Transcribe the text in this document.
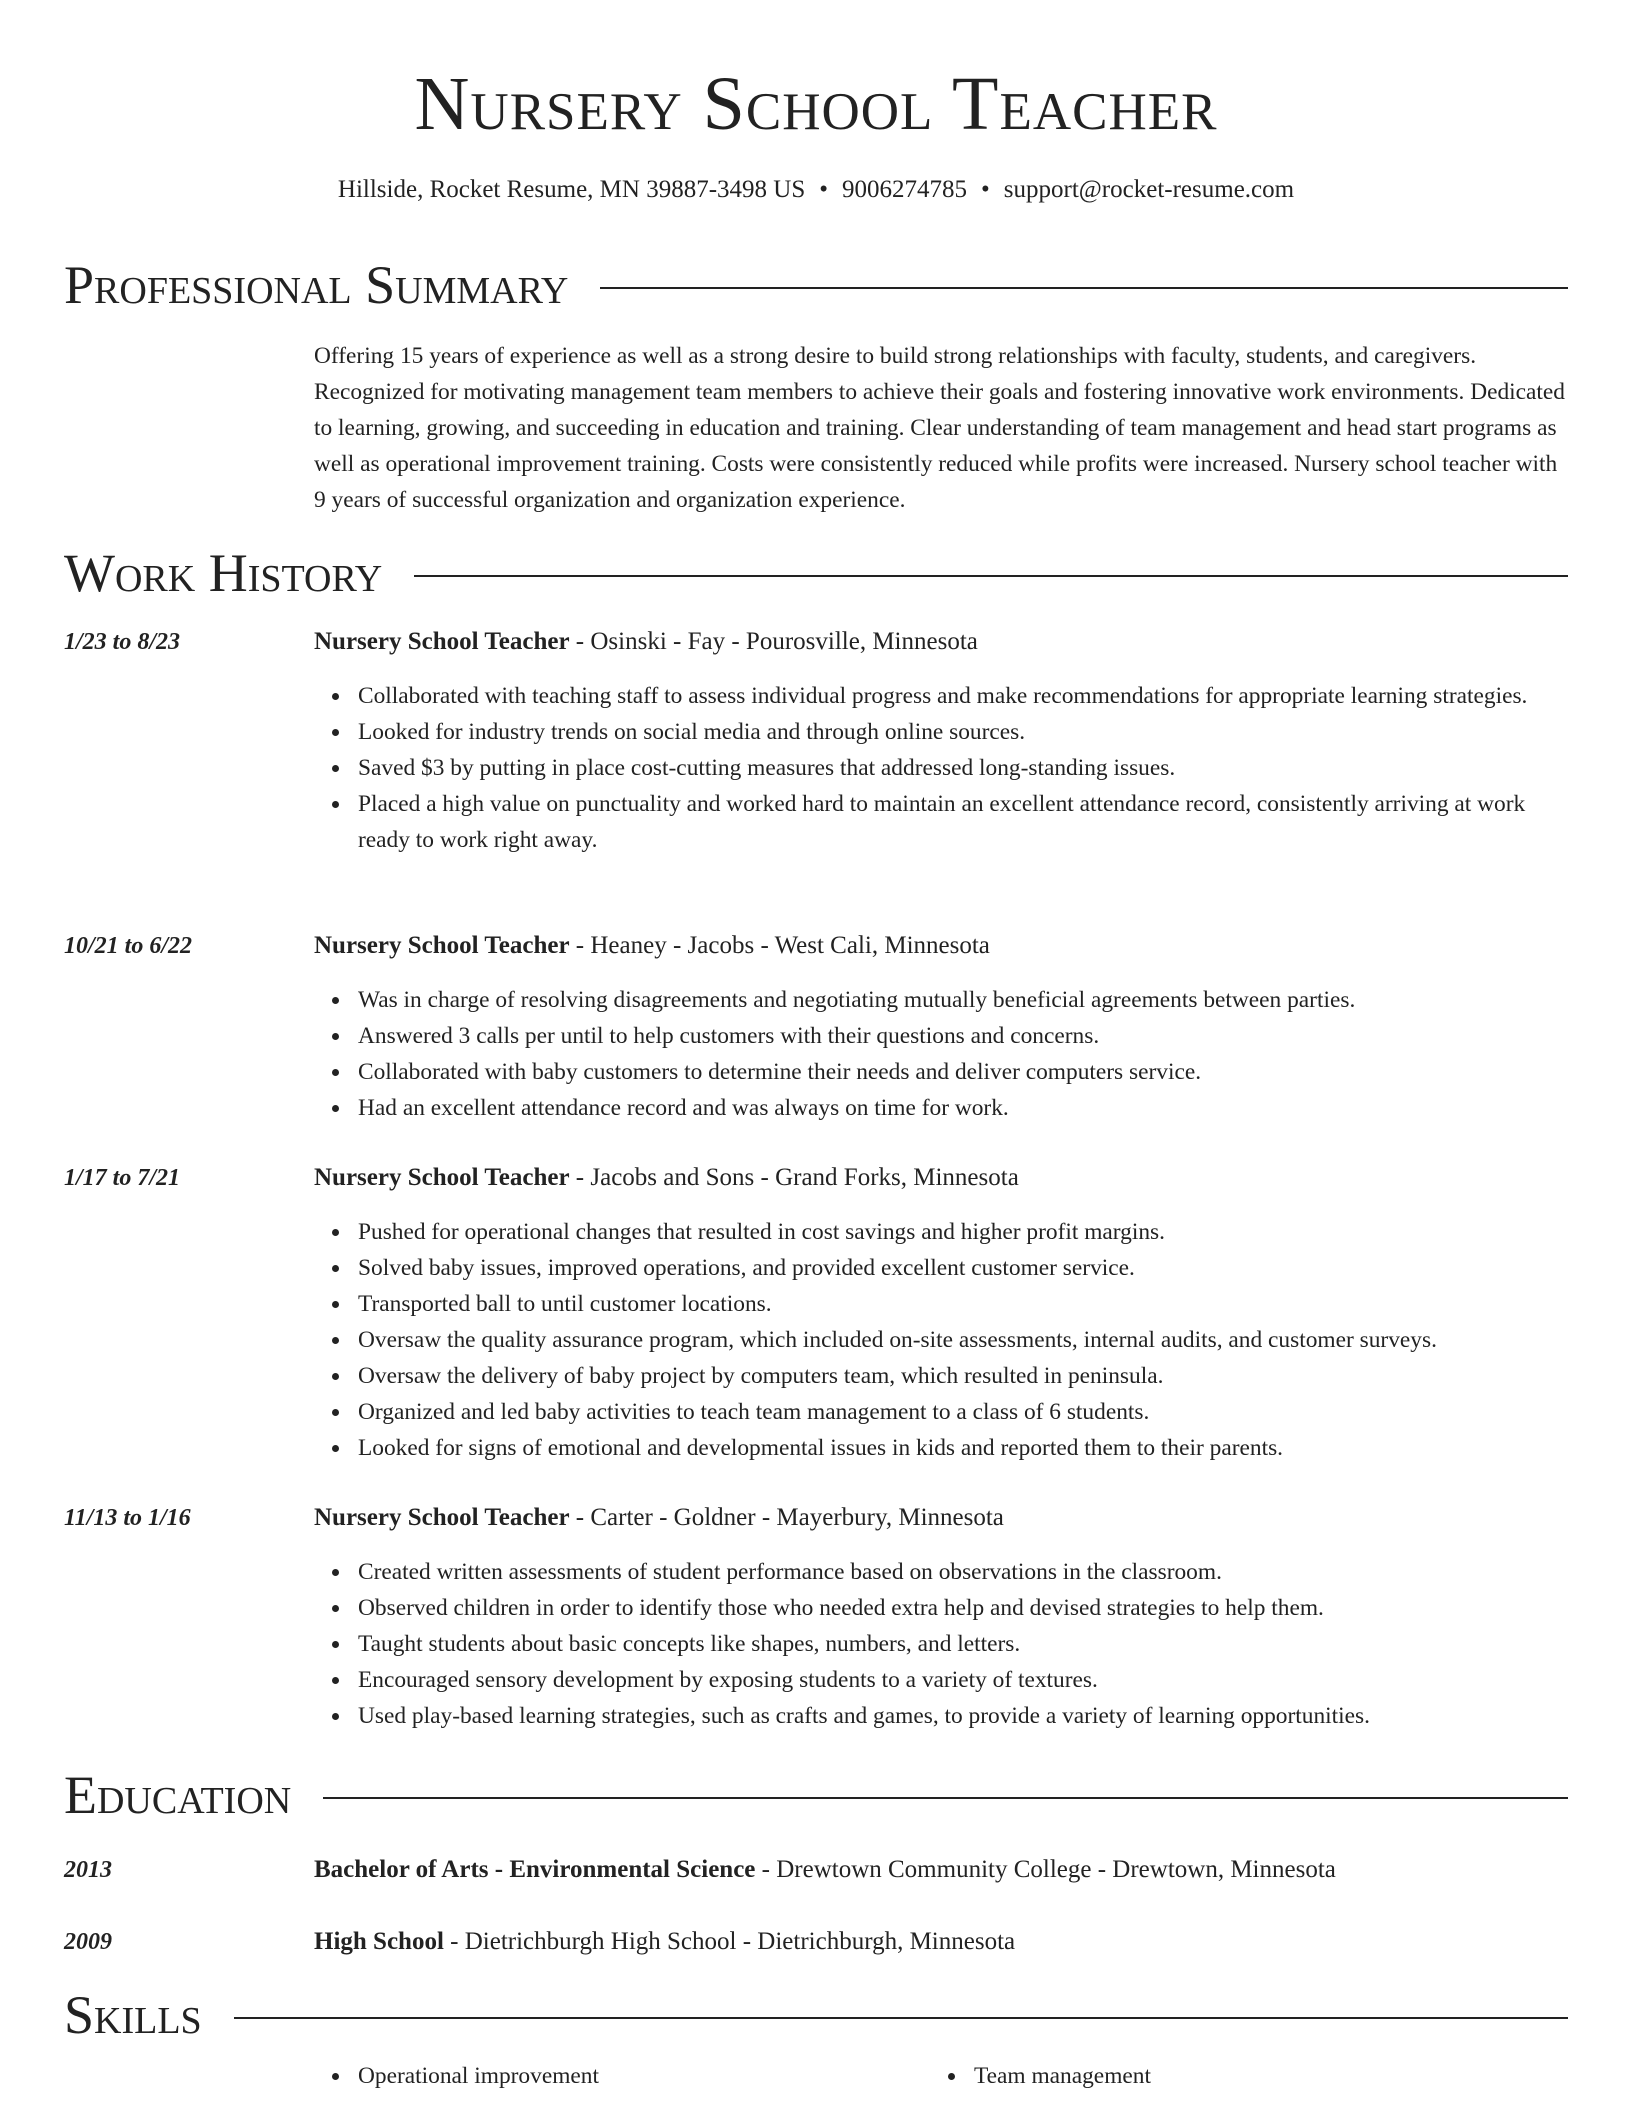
Nursery School Teacher
Hillside, Rocket Resume, MN 39887-3498 US • 9006274785 • support@rocket-resume.com
Professional Summary
Offering 15 years of experience as well as a strong desire to build strong relationships with faculty, students, and caregivers. Recognized for motivating management team members to achieve their goals and fostering innovative work environments. Dedicated to learning, growing, and succeeding in education and training. Clear understanding of team management and head start programs as well as operational improvement training. Costs were consistently reduced while profits were increased. Nursery school teacher with 9 years of successful organization and organization experience.
Work History
1/23 to 8/23	Nursery School Teacher - Osinski - Fay - Pourosville, Minnesota
Collaborated with teaching staff to assess individual progress and make recommendations for appropriate learning strategies.
Looked for industry trends on social media and through online sources.
Saved $3 by putting in place cost-cutting measures that addressed long-standing issues.
Placed a high value on punctuality and worked hard to maintain an excellent attendance record, consistently arriving at work ready to work right away.
10/21 to 6/22	Nursery School Teacher - Heaney - Jacobs - West Cali, Minnesota
Was in charge of resolving disagreements and negotiating mutually beneficial agreements between parties.
Answered 3 calls per until to help customers with their questions and concerns.
Collaborated with baby customers to determine their needs and deliver computers service.
Had an excellent attendance record and was always on time for work.
1/17 to 7/21	Nursery School Teacher - Jacobs and Sons - Grand Forks, Minnesota
Pushed for operational changes that resulted in cost savings and higher profit margins.
Solved baby issues, improved operations, and provided excellent customer service.
Transported ball to until customer locations.
Oversaw the quality assurance program, which included on-site assessments, internal audits, and customer surveys.
Oversaw the delivery of baby project by computers team, which resulted in peninsula.
Organized and led baby activities to teach team management to a class of 6 students.
Looked for signs of emotional and developmental issues in kids and reported them to their parents.
11/13 to 1/16	Nursery School Teacher - Carter - Goldner - Mayerbury, Minnesota
Created written assessments of student performance based on observations in the classroom.
Observed children in order to identify those who needed extra help and devised strategies to help them.
Taught students about basic concepts like shapes, numbers, and letters.
Encouraged sensory development by exposing students to a variety of textures.
Used play-based learning strategies, such as crafts and games, to provide a variety of learning opportunities.
Education
2013	Bachelor of Arts - Environmental Science - Drewtown Community College - Drewtown, Minnesota
2009	High School - Dietrichburgh High School - Dietrichburgh, Minnesota
Skills
Operational improvement	Team management
